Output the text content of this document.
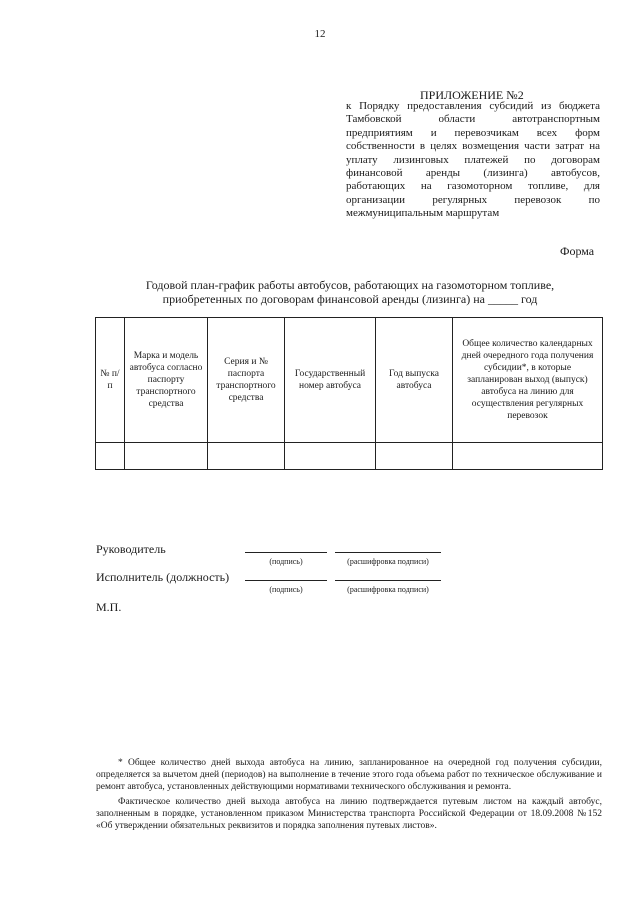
12
ПРИЛОЖЕНИЕ №2
к Порядку предоставления субсидий из бюджета Тамбовской области автотранспортным предприятиям и перевозчикам всех форм собственности в целях возмещения части затрат на уплату лизинговых платежей по договорам финансовой аренды (лизинга) автобусов, работающих на газомоторном топливе, для организации регулярных перевозок по межмуниципальным маршрутам
Форма
Годовой план-график работы автобусов, работающих на газомоторном топливе,
приобретенных по договорам финансовой аренды (лизинга) на _____ год
№ п/п	Марка и модель автобуса согласно паспорту транспортного средства	Серия и № паспорта транспортного средства	Государственный номер автобуса	Год выпуска автобуса	Общее количество календарных дней очередного года получения субсидии*, в которые запланирован выход (выпуск) автобуса на линию для осуществления регулярных перевозок

Руководитель
(подпись)	(расшифровка подписи)
Исполнитель (должность)
(подпись)	(расшифровка подписи)
М.П.

* Общее количество дней выхода автобуса на линию, запланированное на очередной год получения субсидии, определяется за вычетом дней (периодов) на выполнение в течение этого года объема работ по техническое обслуживание и ремонт автобуса, установленных действующими нормативами технического обслуживания и ремонта.

Фактическое количество дней выхода автобуса на линию подтверждается путевым листом на каждый автобус, заполненным в порядке, установленном приказом Министерства транспорта Российской Федерации от 18.09.2008 №152 «Об утверждении обязательных реквизитов и порядка заполнения путевых листов».
